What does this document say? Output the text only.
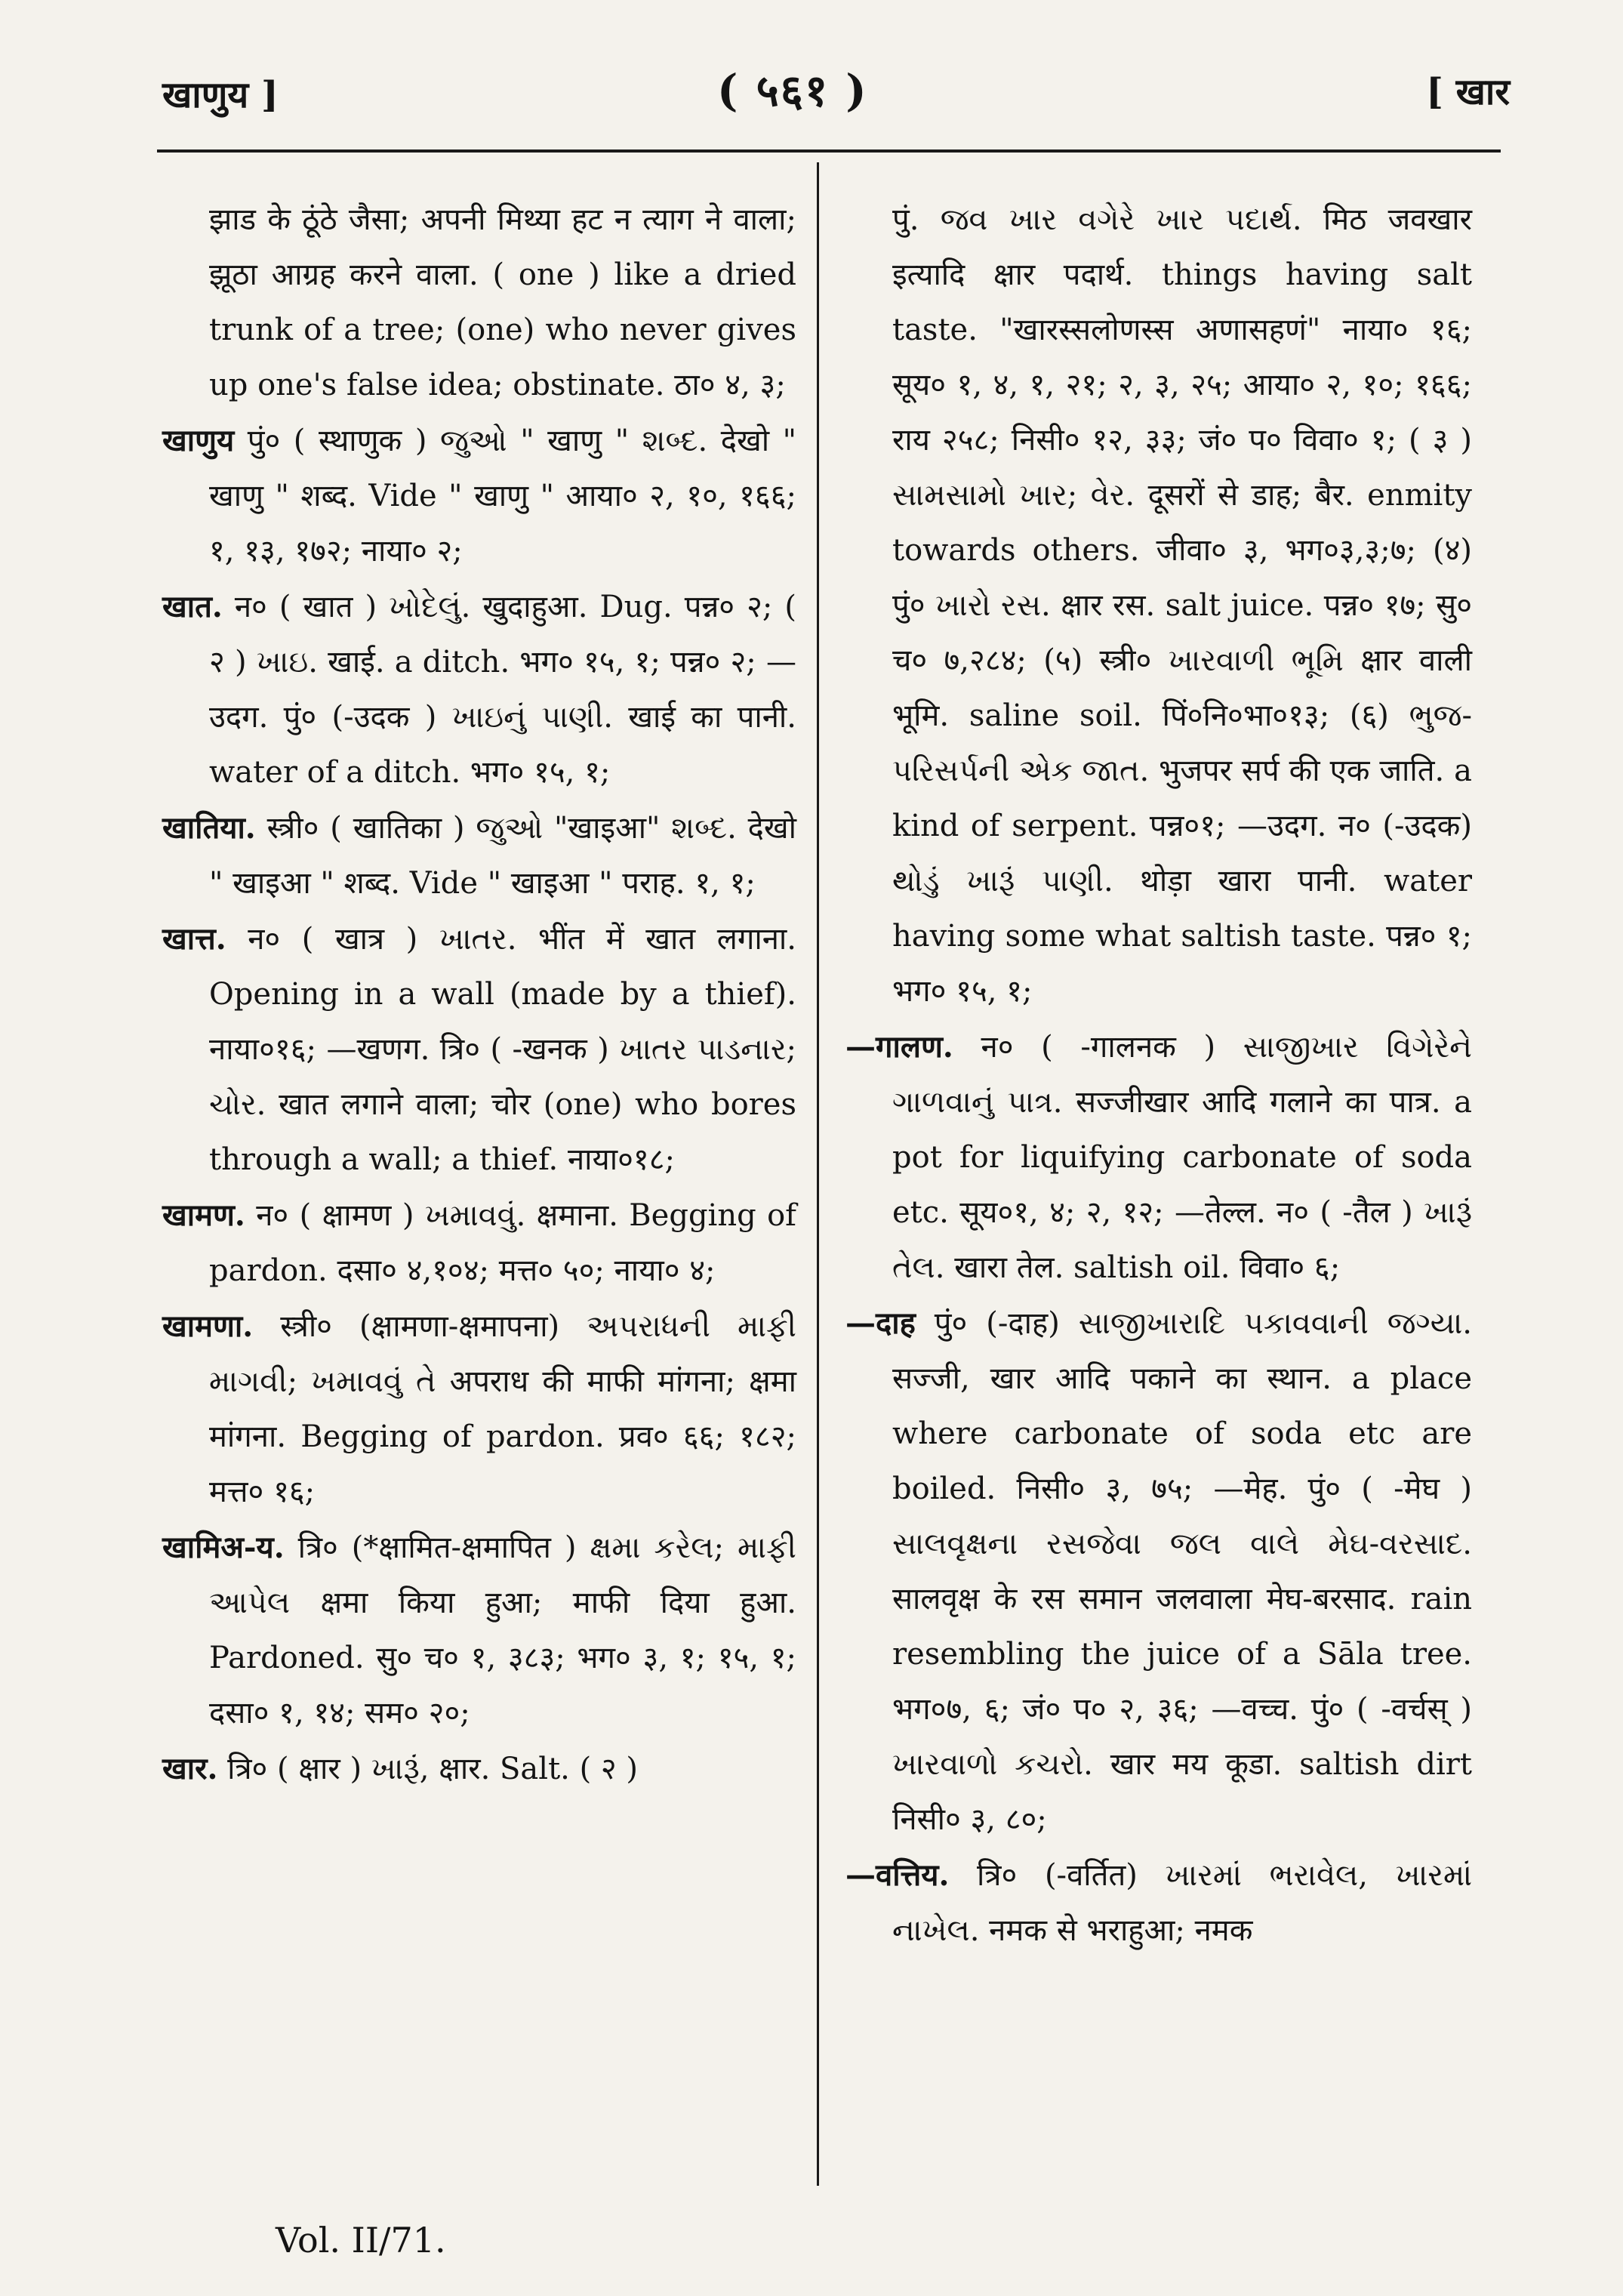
खाणुय ]	( ५६१ )	[ खार

झाड के ठूंठे जैसा; अपनी मिथ्या हट न त्याग ने वाला; झूठा आग्रह करने वाला. ( one ) like a dried trunk of a tree; (one) who never gives up one's false idea; obstinate. ठा० ४, ३;

खाणुय पुं० ( स्थाणुक ) જુઓ " खाणु " શબ્દ. देखो " खाणु " शब्द. Vide " खाणु " आया० २, १०, १६६; १, १३, १७२; नाया० २;

खात. न० ( खात ) ખોદેલું. खुदाहुआ. Dug. पन्न० २; ( २ ) ખાઇ. खाई. a ditch. भग० १५, १; पन्न० २; —उदग. पुं० (-उदक ) ખાઇનું પાણી. खाई का पानी. water of a ditch. भग० १५, १;

खातिया. स्त्री० ( खातिका ) જુઓ "खाइआ" શબ્દ. देखो " खाइआ " शब्द. Vide " खाइआ " पराह. १, १;

खात्त. न० ( खात्र ) ખાતર. भींत में खात लगाना. Opening in a wall (made by a thief). नाया०१६; —खणग. त्रि० ( -खनक ) ખાતર પાડનાર; ચોર. खात लगाने वाला; चोर (one) who bores through a wall; a thief. नाया०१८;

खामण. न० ( क्षामण ) ખમાવવું. क्षमाना. Begging of pardon. दसा० ४,१०४; मत्त० ५०; नाया० ४;

खामणा. स्त्री० (क्षामणा-क्षमापना) અપરાધની માફી માગવી; ખમાવવું તે अपराध की माफी मांगना; क्षमा मांगना. Begging of pardon. प्रव० ६६; १८२; मत्त० १६;

खामिअ-य. त्रि० (*क्षामित-क्षमापित ) ક્ષમા કરેલ; માફી આપેલ क्षमा किया हुआ; माफी दिया हुआ. Pardoned. सु० च० १, ३८३; भग० ३, १; १५, १; दसा० १, १४; सम० २०;

खार. त्रि० ( क्षार ) ખારૂં, क्षार. Salt. ( २ )

पुं. જવ ખાર વગેરે ખાર પદાર્થ. मिठ जवखार इत्यादि क्षार पदार्थ. things having salt taste. "खारस्सलोणस्स अणासहणं" नाया० १६; सूय० १, ४, १, २१; २, ३, २५; आया० २, १०; १६६; राय २५८; निसी० १२, ३३; जं० प० विवा० १; ( ३ ) સામસામો ખાર; વેર. दूसरों से डाह; बैर. enmity towards others. जीवा० ३, भग०३,३;७; (४) पुं० ખારો રસ. क्षार रस. salt juice. पन्न० १७; सु० च० ७,२८४; (५) स्त्री० ખારવાળી ભૂમિ क्षार वाली भूमि. saline soil. पिं०नि०भा०१३; (६) ભુજ-પરિસર્પની એક જાત. भुजपर सर्प की एक जाति. a kind of serpent. पन्न०१; —उदग. न० (-उदक) થોડું ખારૂં પાણી. थोड़ा खारा पानी. water having some what saltish taste. पन्न० १; भग० १५, १;

—गालण. न० ( -गालनक ) સાજીખાર વિગેરેને ગાળવાનું પાત્ર. सज्जीखार आदि गलाने का पात्र. a pot for liquifying carbonate of soda etc. सूय०१, ४; २, १२; —तेल्ल. न० ( -तैल ) ખારૂં તેલ. खारा तेल. saltish oil. विवा० ६;

—दाह पुं० (-दाह) સાજીખારાદિ પકાવવાની જગ્યા. सज्जी, खार आदि पकाने का स्थान. a place where carbonate of soda etc are boiled. निसी० ३, ७५; —मेह. पुं० ( -मेघ ) સાલવૃક્ષના રસજેવા જલ વાલે મેઘ-વરસાદ. सालवृक्ष के रस समान जलवाला मेघ-बरसाद. rain resembling the juice of a Sāla tree. भग०७, ६; जं० प० २, ३६; —वच्च. पुं० ( -वर्चस् ) ખારવાળો કચરો. खार मय कूडा. saltish dirt निसी० ३, ८०;

—वत्तिय. त्रि० (-वर्तित) ખારમાં ભરાવેલ, ખારમાં નાખેલ. नमक से भराहुआ; नमक

Vol. II/71.
